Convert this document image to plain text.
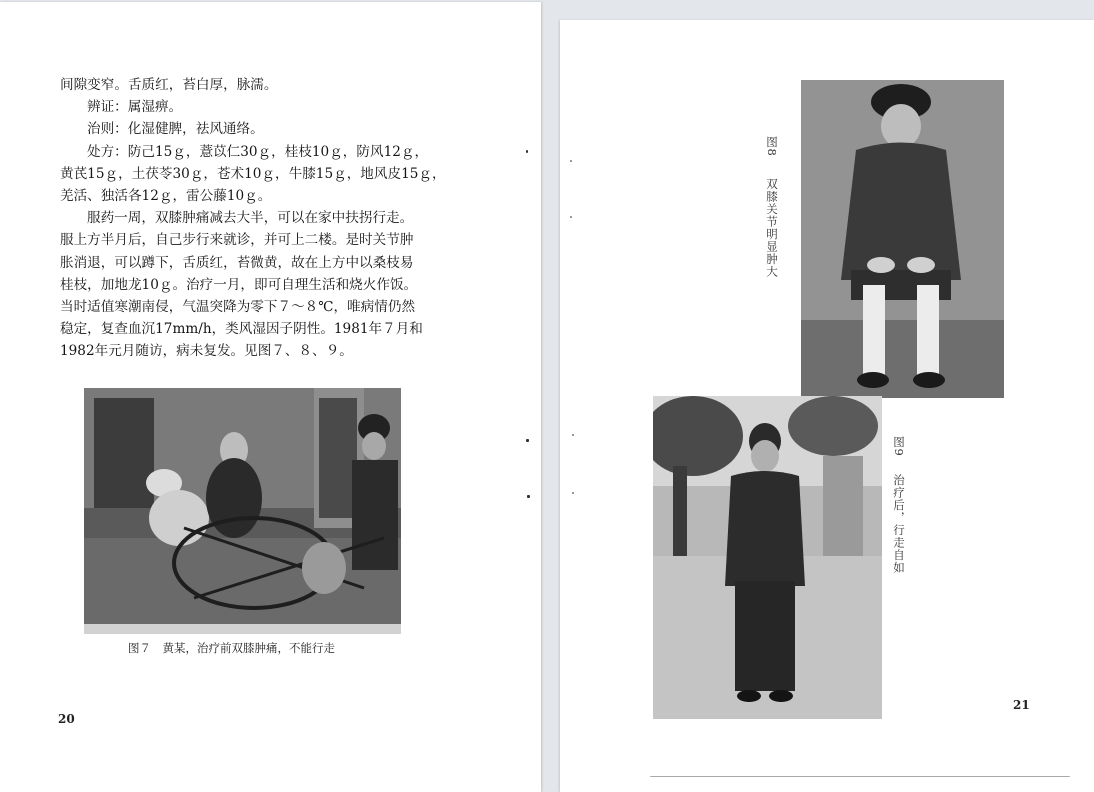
间隙变窄。舌质红，苔白厚，脉濡。

辨证：属湿痹。

治则：化湿健脾，祛风通络。

处方：防己15ｇ，薏苡仁30ｇ，桂枝10ｇ，防风12ｇ，

黄芪15ｇ，土茯苓30ｇ，苍术10ｇ，牛膝15ｇ，地风皮15ｇ，

羌活、独活各12ｇ，雷公藤10ｇ。

服药一周，双膝肿痛减去大半，可以在家中扶拐行走。

服上方半月后，自己步行来就诊，并可上二楼。是时关节肿

胀消退，可以蹲下，舌质红，苔微黄，故在上方中以桑枝易

桂枝，加地龙10ｇ。治疗一月，即可自理生活和烧火作饭。

当时适值寒潮南侵，气温突降为零下７～８℃，唯病情仍然

稳定，复查血沉17mm/h，类风湿因子阴性。1981年７月和

1982年元月随访，病未复发。见图７、８、９。

图７　黄某，治疗前双膝肿痛，不能行走
20
图8
双膝关节明显肿大
图9
治疗后，行走自如
21
